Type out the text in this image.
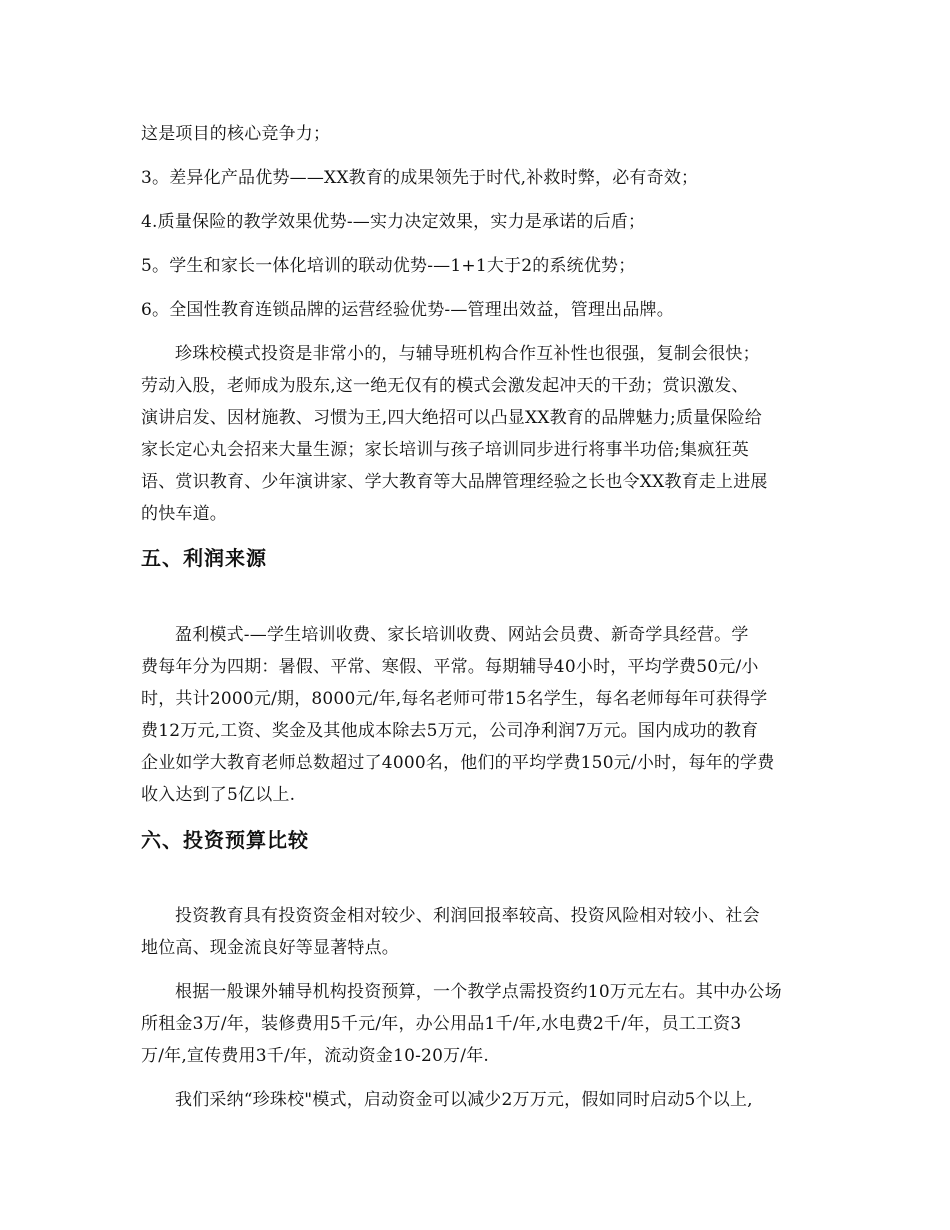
这是项目的核心竞争力；
3。差异化产品优势——XX教育的成果领先于时代,补救时弊，必有奇效；
4.质量保险的教学效果优势-—实力决定效果，实力是承诺的后盾；
5。学生和家长一体化培训的联动优势-—1+1大于2的系统优势；
6。全国性教育连锁品牌的运营经验优势-—管理出效益，管理出品牌。
珍珠校模式投资是非常小的，与辅导班机构合作互补性也很强，复制会很快；
劳动入股，老师成为股东,这一绝无仅有的模式会激发起冲天的干劲；赏识激发、
演讲启发、因材施教、习惯为王,四大绝招可以凸显XX教育的品牌魅力;质量保险给
家长定心丸会招来大量生源；家长培训与孩子培训同步进行将事半功倍;集疯狂英
语、赏识教育、少年演讲家、学大教育等大品牌管理经验之长也令XX教育走上进展
的快车道。
五、利润来源
盈利模式-—学生培训收费、家长培训收费、网站会员费、新奇学具经营。学
费每年分为四期：暑假、平常、寒假、平常。每期辅导40小时，平均学费50元/小
时，共计2000元/期，8000元/年,每名老师可带15名学生，每名老师每年可获得学
费12万元,工资、奖金及其他成本除去5万元，公司净利润7万元。国内成功的教育
企业如学大教育老师总数超过了4000名，他们的平均学费150元/小时，每年的学费
收入达到了5亿以上.
六、投资预算比较
投资教育具有投资资金相对较少、利润回报率较高、投资风险相对较小、社会
地位高、现金流良好等显著特点。
根据一般课外辅导机构投资预算，一个教学点需投资约10万元左右。其中办公场
所租金3万/年，装修费用5千元/年，办公用品1千/年,水电费2千/年，员工工资3
万/年,宣传费用3千/年，流动资金10-20万/年.
我们采纳“珍珠校"模式，启动资金可以减少2万万元，假如同时启动5个以上,
